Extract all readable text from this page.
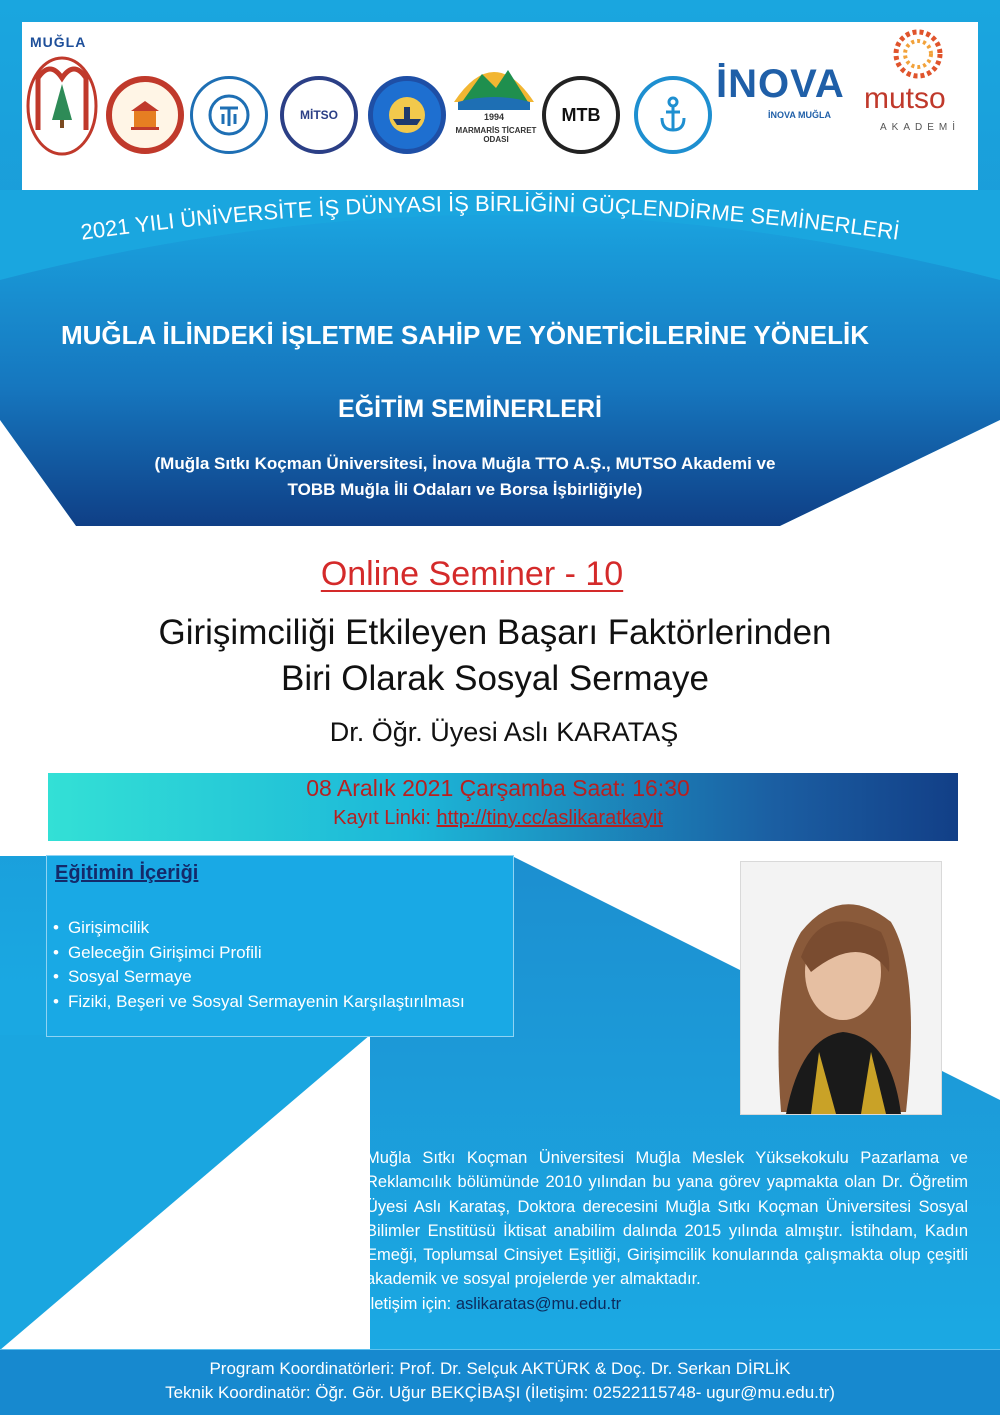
MUĞLA
MİTSO	1994
MARMARİS TİCARET ODASI
MTB
İNOVA
İNOVA MUĞLA mutso
AKADEMİ
2021 YILI ÜNİVERSİTE İŞ DÜNYASI İŞ BİRLİĞİNİ GÜÇLENDİRME SEMİNERLERİ
MUĞLA İLİNDEKİ İŞLETME SAHİP VE YÖNETİCİLERİNE YÖNELİK
EĞİTİM SEMİNERLERİ
(Muğla Sıtkı Koçman Üniversitesi, İnova Muğla TTO A.Ş., MUTSO Akademi ve
TOBB Muğla İli Odaları ve Borsa İşbirliğiyle)
Online Seminer - 10
Girişimciliği Etkileyen Başarı Faktörlerinden
Biri Olarak Sosyal Sermaye
Dr. Öğr. Üyesi Aslı KARATAŞ
08 Aralık 2021 Çarşamba Saat: 16:30
Kayıt Linki: http://tiny.cc/aslikaratkayit
Eğitimin İçeriği
• Girişimcilik
• Geleceğin Girişimci Profili
• Sosyal Sermaye
• Fiziki, Beşeri ve Sosyal Sermayenin Karşılaştırılması
Muğla Sıtkı Koçman Üniversitesi Muğla Meslek Yüksekokulu Pazarlama ve Reklamcılık bölümünde 2010 yılından bu yana görev yapmakta olan Dr. Öğretim Üyesi Aslı Karataş, Doktora derecesini Muğla Sıtkı Koçman Üniversitesi Sosyal Bilimler Enstitüsü İktisat anabilim dalında 2015 yılında almıştır. İstihdam, Kadın Emeği, Toplumsal Cinsiyet Eşitliği, Girişimcilik konularında çalışmakta olup çeşitli akademik ve sosyal projelerde yer almaktadır.
İletişim için: aslikaratas@mu.edu.tr
Program Koordinatörleri: Prof. Dr. Selçuk AKTÜRK & Doç. Dr. Serkan DİRLİK
Teknik Koordinatör: Öğr. Gör. Uğur BEKÇİBAŞI (İletişim: 02522115748- ugur@mu.edu.tr)
